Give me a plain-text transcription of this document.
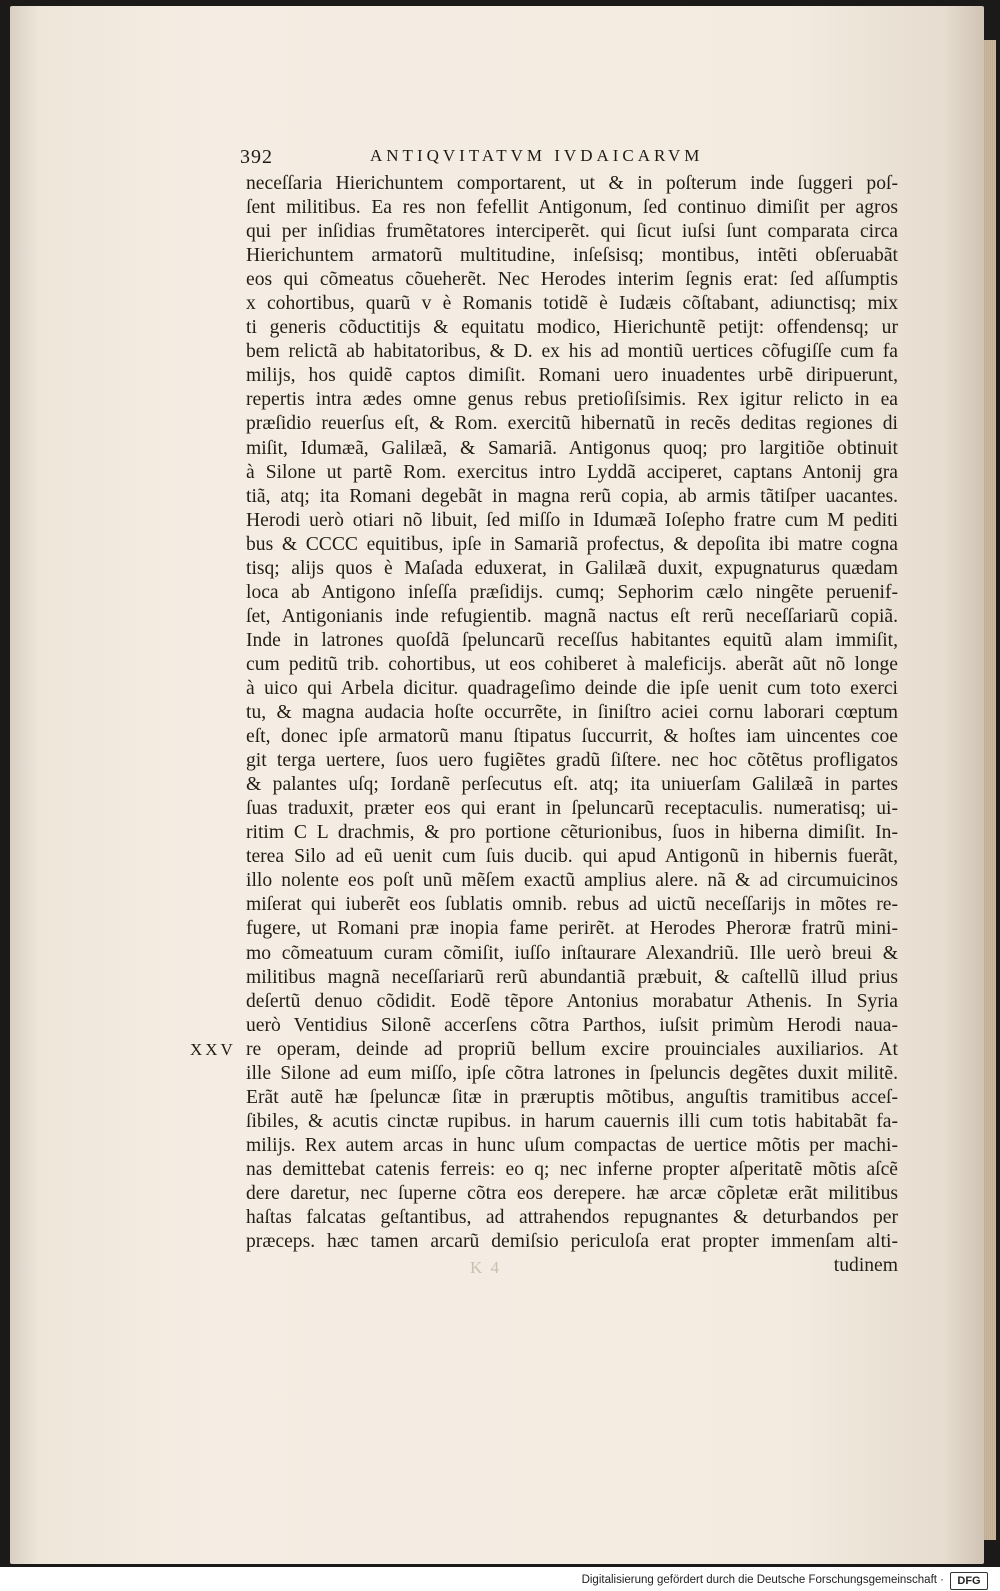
392	ANTIQVITATVM IVDAICARVM
neceſſaria Hierichuntem comportarent, ut & in poſterum inde ſuggeri poſ-
ſent militibus. Ea res non fefellit Antigonum, ſed continuo dimiſit per agros
qui per inſidias frumẽtatores interciperẽt. qui ſicut iuſsi ſunt comparata circa
Hierichuntem armatorũ multitudine, inſeſsisq; montibus, intẽti obſeruabãt
eos qui cõmeatus cõueherẽt. Nec Herodes interim ſegnis erat: ſed aſſumptis
x cohortibus, quarũ v è Romanis totidẽ è Iudæis cõſtabant, adiunctisq; mix
ti generis cõductitijs & equitatu modico, Hierichuntẽ petijt: offendensq; ur
bem relictã ab habitatoribus, & D. ex his ad montiũ uertices cõfugiſſe cum fa
milijs, hos quidẽ captos dimiſit. Romani uero inuadentes urbẽ diripuerunt,
repertis intra ædes omne genus rebus pretioſiſsimis. Rex igitur relicto in ea
præſidio reuerſus eſt, & Rom. exercitũ hibernatũ in recẽs deditas regiones di
miſit, Idumæã, Galilæã, & Samariã. Antigonus quoq; pro largitiõe obtinuit
à Silone ut partẽ Rom. exercitus intro Lyddã acciperet, captans Antonij gra
tiã, atq; ita Romani degebãt in magna rerũ copia, ab armis tãtiſper uacantes.
Herodi uerò otiari nõ libuit, ſed miſſo in Idumæã Ioſepho fratre cum M pediti
bus & CCCC equitibus, ipſe in Samariã profectus, & depoſita ibi matre cogna
tisq; alijs quos è Maſada eduxerat, in Galilæã duxit, expugnaturus quædam
loca ab Antigono inſeſſa præſidijs. cumq; Sephorim cælo ningẽte peruenif-
ſet, Antigonianis inde refugientib. magnã nactus eſt rerũ neceſſariarũ copiã.
Inde in latrones quoſdã ſpeluncarũ receſſus habitantes equitũ alam immiſit,
cum peditũ trib. cohortibus, ut eos cohiberet à maleficijs. aberãt aũt nõ longe
à uico qui Arbela dicitur. quadrageſimo deinde die ipſe uenit cum toto exerci
tu, & magna audacia hoſte occurrẽte, in ſiniſtro aciei cornu laborari cœptum
eſt, donec ipſe armatorũ manu ſtipatus ſuccurrit, & hoſtes iam uincentes coe
git terga uertere, ſuos uero fugiẽtes gradũ ſiſtere. nec hoc cõtẽtus profligatos
& palantes uſq; Iordanẽ perſecutus eſt. atq; ita uniuerſam Galilæã in partes
ſuas traduxit, præter eos qui erant in ſpeluncarũ receptaculis. numeratisq; ui-
ritim C L drachmis, & pro portione cẽturionibus, ſuos in hiberna dimiſit. In-
terea Silo ad eũ uenit cum ſuis ducib. qui apud Antigonũ in hibernis fuerãt,
illo nolente eos poſt unũ mẽſem exactũ amplius alere. nã & ad circumuicinos
miſerat qui iuberẽt eos ſublatis omnib. rebus ad uictũ neceſſarijs in mõtes re-
fugere, ut Romani præ inopia fame perirẽt. at Herodes Pheroræ fratrũ mini-
mo cõmeatuum curam cõmiſit, iuſſo inſtaurare Alexandriũ. Ille uerò breui &
militibus magnã neceſſariarũ rerũ abundantiã præbuit, & caſtellũ illud prius
deſertũ denuo cõdidit. Eodẽ tẽpore Antonius morabatur Athenis. In Syria
uerò Ventidius Silonẽ accerſens cõtra Parthos, iuſsit primùm Herodi naua-
re operam, deinde ad propriũ bellum excire prouinciales auxiliarios. At
ille Silone ad eum miſſo, ipſe cõtra latrones in ſpeluncis degẽtes duxit militẽ.
Erãt autẽ hæ ſpeluncæ ſitæ in præruptis mõtibus, anguſtis tramitibus acceſ-
ſibiles, & acutis cinctæ rupibus. in harum cauernis illi cum totis habitabãt fa-
milijs. Rex autem arcas in hunc uſum compactas de uertice mõtis per machi-
nas demittebat catenis ferreis: eo q; nec inferne propter aſperitatẽ mõtis aſcẽ
dere daretur, nec ſuperne cõtra eos derepere. hæ arcæ cõpletæ erãt militibus
haſtas falcatas geſtantibus, ad attrahendos repugnantes & deturbandos per
præceps. hæc tamen arcarũ demiſsio periculoſa erat propter immenſam alti-
tudinem
XXV
K 4
Digitalisierung gefördert durch die Deutsche Forschungsgemeinschaft ·	DFG
